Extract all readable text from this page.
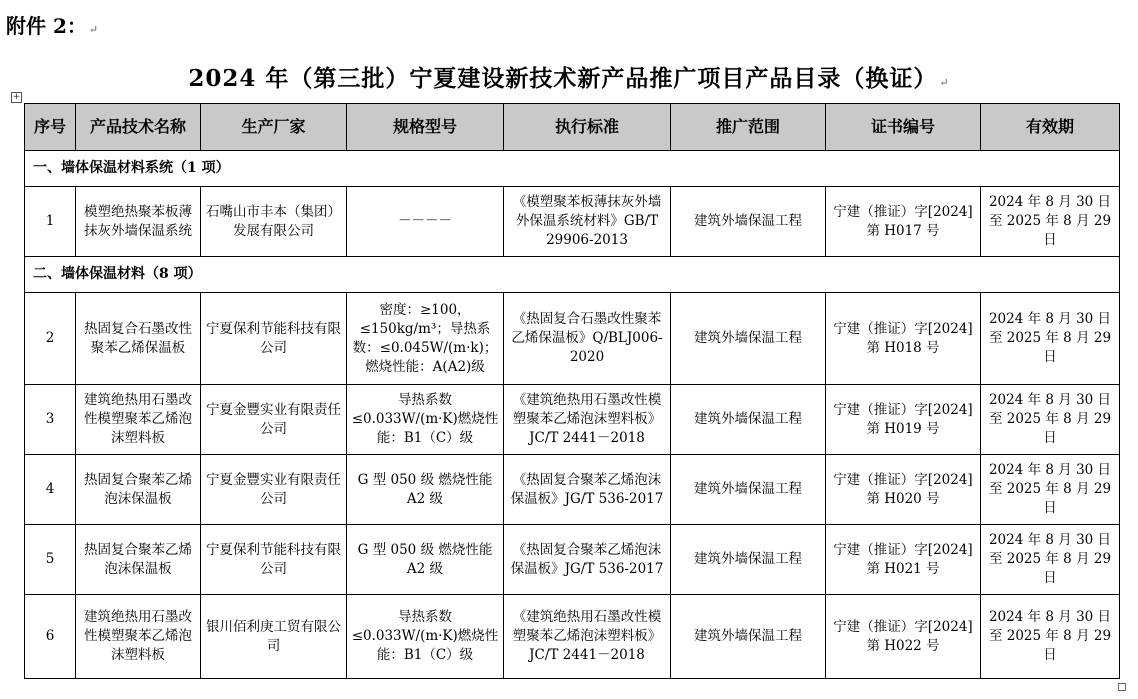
附件 2： ↵
2024 年（第三批）宁夏建设新技术新产品推广项目产品目录（换证） ↵
+
序号	产品技术名称	生产厂家	规格型号	执行标准	推广范围	证书编号	有效期
一、墙体保温材料系统（1 项）							
1	模塑绝热聚苯板薄抹灰外墙保温系统	石嘴山市丰本（集团）发展有限公司	－－－－	《模塑聚苯板薄抹灰外墙外保温系统材料》GB/T 29906-2013	建筑外墙保温工程	宁建（推证）字[2024]第 H017 号	2024 年 8 月 30 日至 2025 年 8 月 29 日
二、墙体保温材料（8 项）							
2	热固复合石墨改性聚苯乙烯保温板	宁夏保利节能科技有限公司	密度：≥100，≤150kg/m³；导热系数：≤0.045W/(m·k)；燃烧性能：A(A2)级	《热固复合石墨改性聚苯乙烯保温板》Q/BLJ006-2020	建筑外墙保温工程	宁建（推证）字[2024]第 H018 号	2024 年 8 月 30 日至 2025 年 8 月 29 日
3	建筑绝热用石墨改性模塑聚苯乙烯泡沫塑料板	宁夏金豐实业有限责任公司	导热系数≤0.033W/(m·K)燃烧性能：B1（C）级	《建筑绝热用石墨改性模塑聚苯乙烯泡沫塑料板》JC/T 2441－2018	建筑外墙保温工程	宁建（推证）字[2024]第 H019 号	2024 年 8 月 30 日至 2025 年 8 月 29 日
4	热固复合聚苯乙烯泡沫保温板	宁夏金豐实业有限责任公司	G 型 050 级 燃烧性能 A2 级	《热固复合聚苯乙烯泡沫保温板》JG/T 536-2017	建筑外墙保温工程	宁建（推证）字[2024]第 H020 号	2024 年 8 月 30 日至 2025 年 8 月 29 日
5	热固复合聚苯乙烯泡沫保温板	宁夏保利节能科技有限公司	G 型 050 级 燃烧性能 A2 级	《热固复合聚苯乙烯泡沫保温板》JG/T 536-2017	建筑外墙保温工程	宁建（推证）字[2024]第 H021 号	2024 年 8 月 30 日至 2025 年 8 月 29 日
6	建筑绝热用石墨改性模塑聚苯乙烯泡沫塑料板	银川佰利庚工贸有限公司	导热系数≤0.033W/(m·K)燃烧性能：B1（C）级	《建筑绝热用石墨改性模塑聚苯乙烯泡沫塑料板》JC/T 2441－2018	建筑外墙保温工程	宁建（推证）字[2024]第 H022 号	2024 年 8 月 30 日至 2025 年 8 月 29 日
